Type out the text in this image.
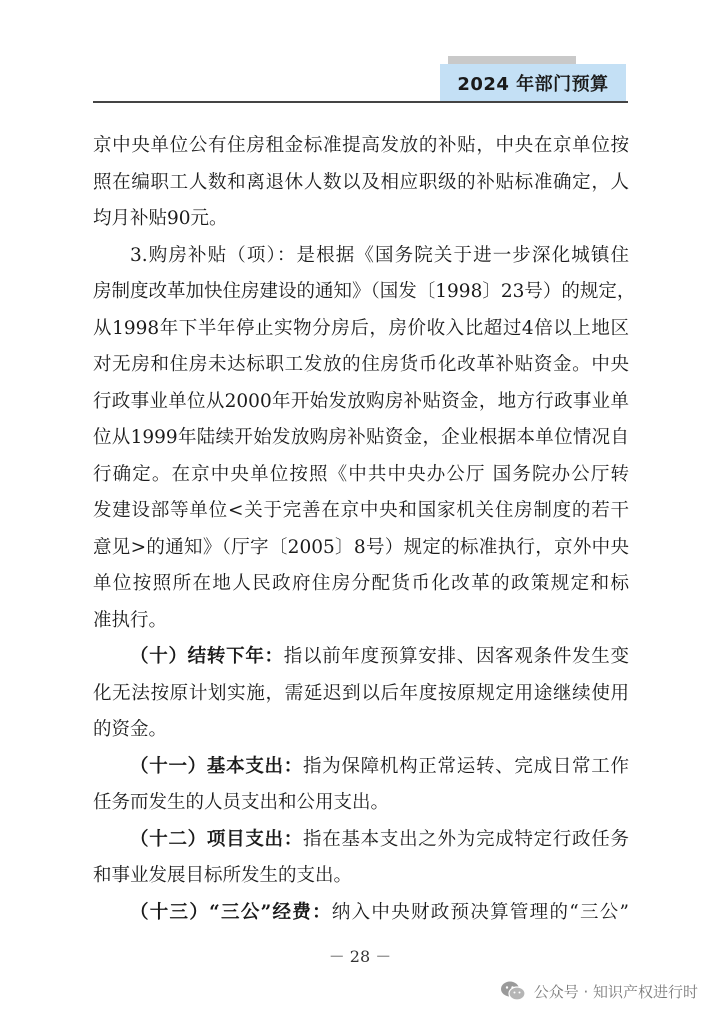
2024 年部门预算
京中央单位公有住房租金标准提高发放的补贴，中央在京单位按
照在编职工人数和离退休人数以及相应职级的补贴标准确定，人
均月补贴90元。
3.购房补贴（项）：是根据《国务院关于进一步深化城镇住
房制度改革加快住房建设的通知》（国发〔1998〕23号）的规定，
从1998年下半年停止实物分房后，房价收入比超过4倍以上地区
对无房和住房未达标职工发放的住房货币化改革补贴资金。中央
行政事业单位从2000年开始发放购房补贴资金，地方行政事业单
位从1999年陆续开始发放购房补贴资金，企业根据本单位情况自
行确定。在京中央单位按照《中共中央办公厅 国务院办公厅转
发建设部等单位<关于完善在京中央和国家机关住房制度的若干
意见>的通知》（厅字〔2005〕8号）规定的标准执行，京外中央
单位按照所在地人民政府住房分配货币化改革的政策规定和标
准执行。
（十）结转下年：指以前年度预算安排、因客观条件发生变
化无法按原计划实施，需延迟到以后年度按原规定用途继续使用
的资金。
（十一）基本支出：指为保障机构正常运转、完成日常工作
任务而发生的人员支出和公用支出。
（十二）项目支出：指在基本支出之外为完成特定行政任务
和事业发展目标所发生的支出。
（十三）“三公”经费：纳入中央财政预决算管理的“三公”
－ 28 －
公众号 · 知识产权进行时
